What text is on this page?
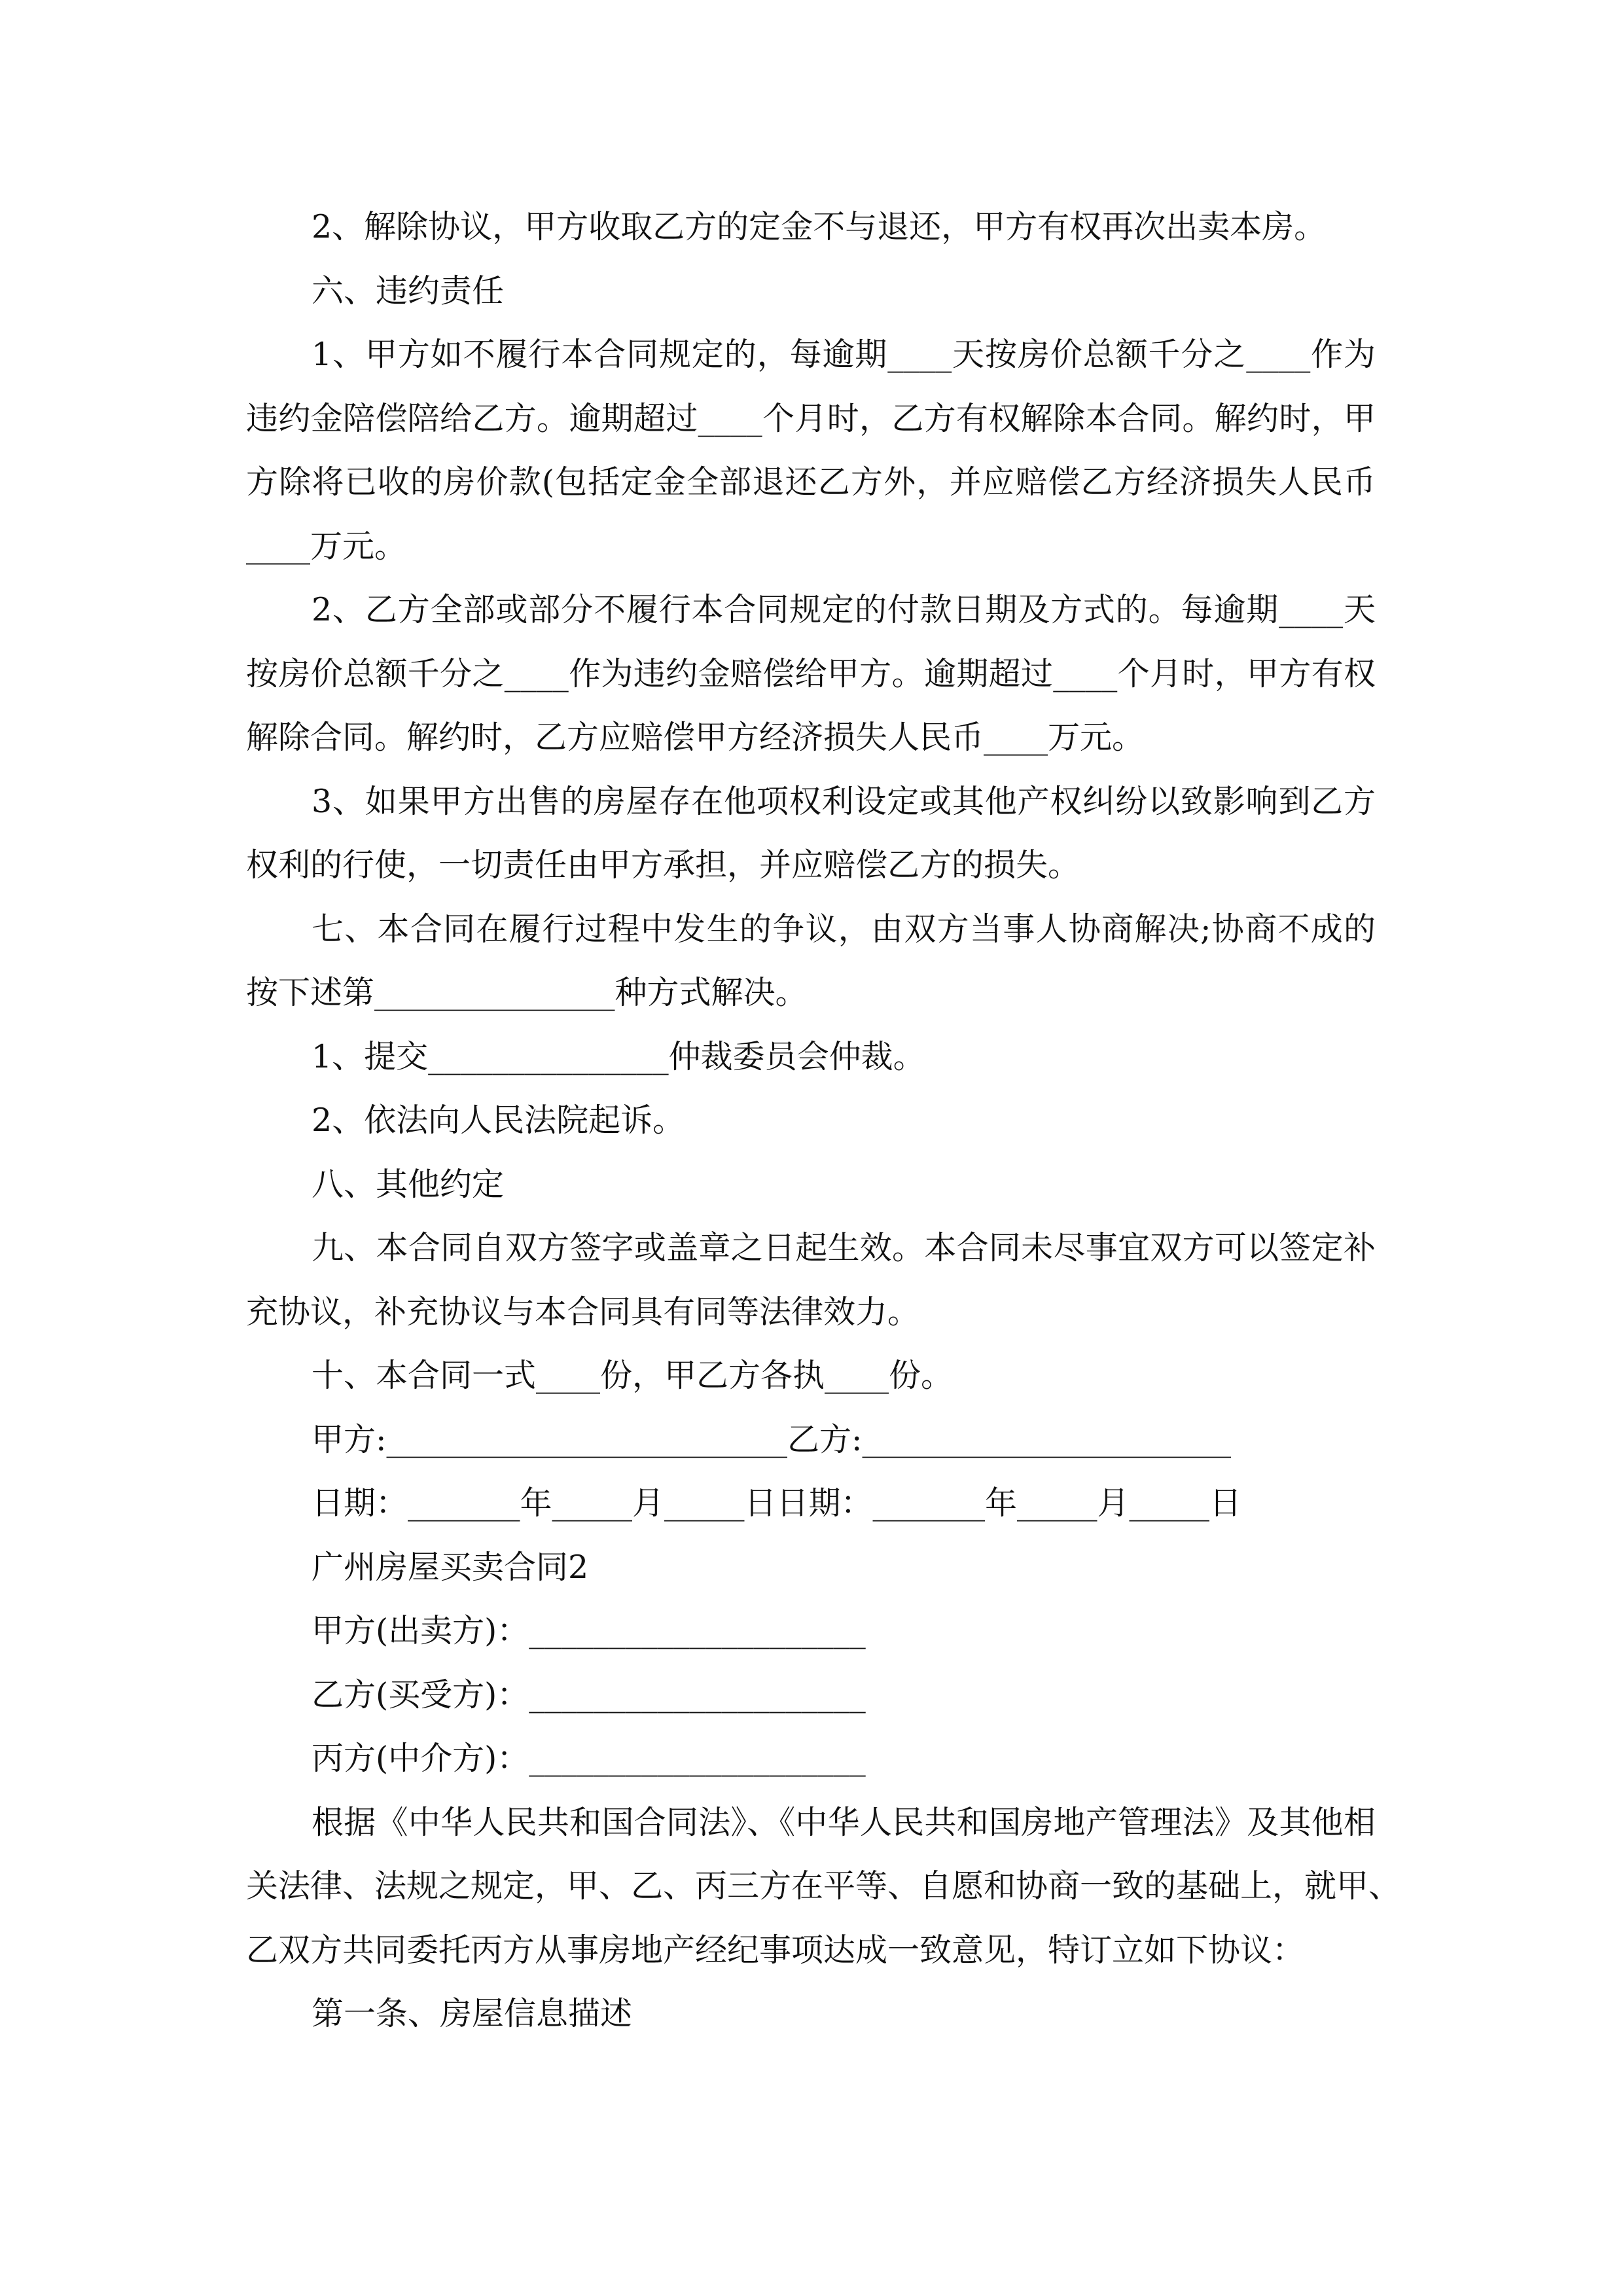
2、解除协议，甲方收取乙方的定金不与退还，甲方有权再次出卖本房。
六、违约责任
1、甲方如不履行本合同规定的，每逾期____天按房价总额千分之____作为
违约金陪偿陪给乙方。逾期超过____个月时，乙方有权解除本合同。解约时，甲
方除将已收的房价款(包括定金全部退还乙方外，并应赔偿乙方经济损失人民币
____万元。
2、乙方全部或部分不履行本合同规定的付款日期及方式的。每逾期____天
按房价总额千分之____作为违约金赔偿给甲方。逾期超过____个月时，甲方有权
解除合同。解约时，乙方应赔偿甲方经济损失人民币____万元。
3、如果甲方出售的房屋存在他项权利设定或其他产权纠纷以致影响到乙方
权利的行使，一切责任由甲方承担，并应赔偿乙方的损失。
七、本合同在履行过程中发生的争议，由双方当事人协商解决;协商不成的
按下述第_______________种方式解决。
1、提交_______________仲裁委员会仲裁。
2、依法向人民法院起诉。
八、其他约定
九、本合同自双方签字或盖章之日起生效。本合同未尽事宜双方可以签定补
充协议，补充协议与本合同具有同等法律效力。
十、本合同一式____份，甲乙方各执____份。
甲方:_________________________乙方:_______________________
日期：_______年_____月_____日日期：_______年_____月_____日
广州房屋买卖合同2
甲方(出卖方)：_____________________
乙方(买受方)：_____________________
丙方(中介方)：_____________________
根据《中华人民共和国合同法》、《中华人民共和国房地产管理法》及其他相
关法律、法规之规定，甲、乙、丙三方在平等、自愿和协商一致的基础上，就甲、
乙双方共同委托丙方从事房地产经纪事项达成一致意见，特订立如下协议：
第一条、房屋信息描述
